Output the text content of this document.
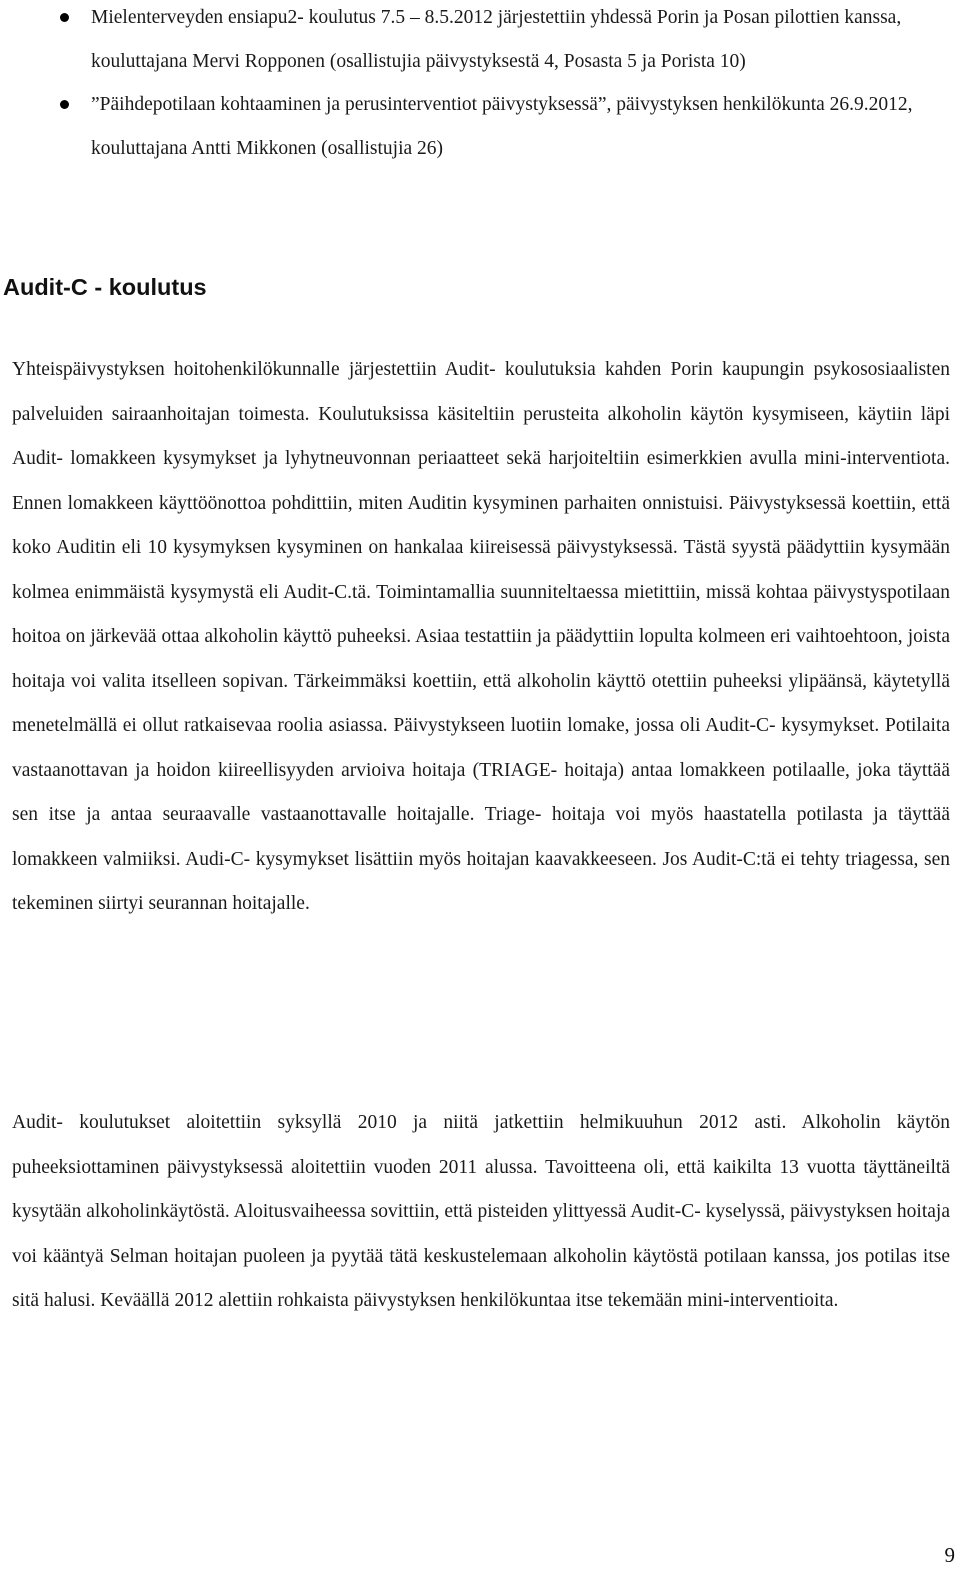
Mielenterveyden ensiapu2- koulutus 7.5 – 8.5.2012 järjestettiin yhdessä Porin ja Posan pilottien kanssa, kouluttajana Mervi Ropponen (osallistujia päivystyksestä 4, Posasta 5 ja Porista 10)
”Päihdepotilaan kohtaaminen ja perusinterventiot päivystyksessä”, päivystyksen henkilökunta 26.9.2012, kouluttajana Antti Mikkonen (osallistujia 26)
Audit-C - koulutus

Yhteispäivystyksen hoitohenkilökunnalle järjestettiin Audit- koulutuksia kahden Porin kaupungin psykososiaalisten palveluiden sairaanhoitajan toimesta. Koulutuksissa käsiteltiin perusteita alkoholin käytön kysymiseen, käytiin läpi Audit- lomakkeen kysymykset ja lyhytneuvonnan periaatteet sekä harjoiteltiin esimerkkien avulla mini-interventiota. Ennen lomakkeen käyttöönottoa pohdittiin, miten Auditin kysyminen parhaiten onnistuisi. Päivystyksessä koettiin, että koko Auditin eli 10 kysymyksen kysyminen on hankalaa kiireisessä päivystyksessä. Tästä syystä päädyttiin kysymään kolmea enimmäistä kysymystä eli Audit-C.tä. Toimintamallia suunniteltaessa mietittiin, missä kohtaa päivystyspotilaan hoitoa on järkevää ottaa alkoholin käyttö puheeksi. Asiaa testattiin ja päädyttiin lopulta kolmeen eri vaihtoehtoon, joista hoitaja voi valita itselleen sopivan. Tärkeimmäksi koettiin, että alkoholin käyttö otettiin puheeksi ylipäänsä, käytetyllä menetelmällä ei ollut ratkaisevaa roolia asiassa. Päivystykseen luotiin lomake, jossa oli Audit-C- kysymykset. Potilaita vastaanottavan ja hoidon kiireellisyyden arvioiva hoitaja (TRIAGE- hoitaja) antaa lomakkeen potilaalle, joka täyttää sen itse ja antaa seuraavalle vastaanottavalle hoitajalle. Triage- hoitaja voi myös haastatella potilasta ja täyttää lomakkeen valmiiksi. Audi-C- kysymykset lisättiin myös hoitajan kaavakkeeseen. Jos Audit-C:tä ei tehty triagessa, sen tekeminen siirtyi seurannan hoitajalle.

Audit- koulutukset aloitettiin syksyllä 2010 ja niitä jatkettiin helmikuuhun 2012 asti. Alkoholin käytön puheeksiottaminen päivystyksessä aloitettiin vuoden 2011 alussa. Tavoitteena oli, että kaikilta 13 vuotta täyttäneiltä kysytään alkoholinkäytöstä. Aloitusvaiheessa sovittiin, että pisteiden ylittyessä Audit-C- kyselyssä, päivystyksen hoitaja voi kääntyä Selman hoitajan puoleen ja pyytää tätä keskustelemaan alkoholin käytöstä potilaan kanssa, jos potilas itse sitä halusi. Keväällä 2012 alettiin rohkaista päivystyksen henkilökuntaa itse tekemään mini-interventioita.

9
